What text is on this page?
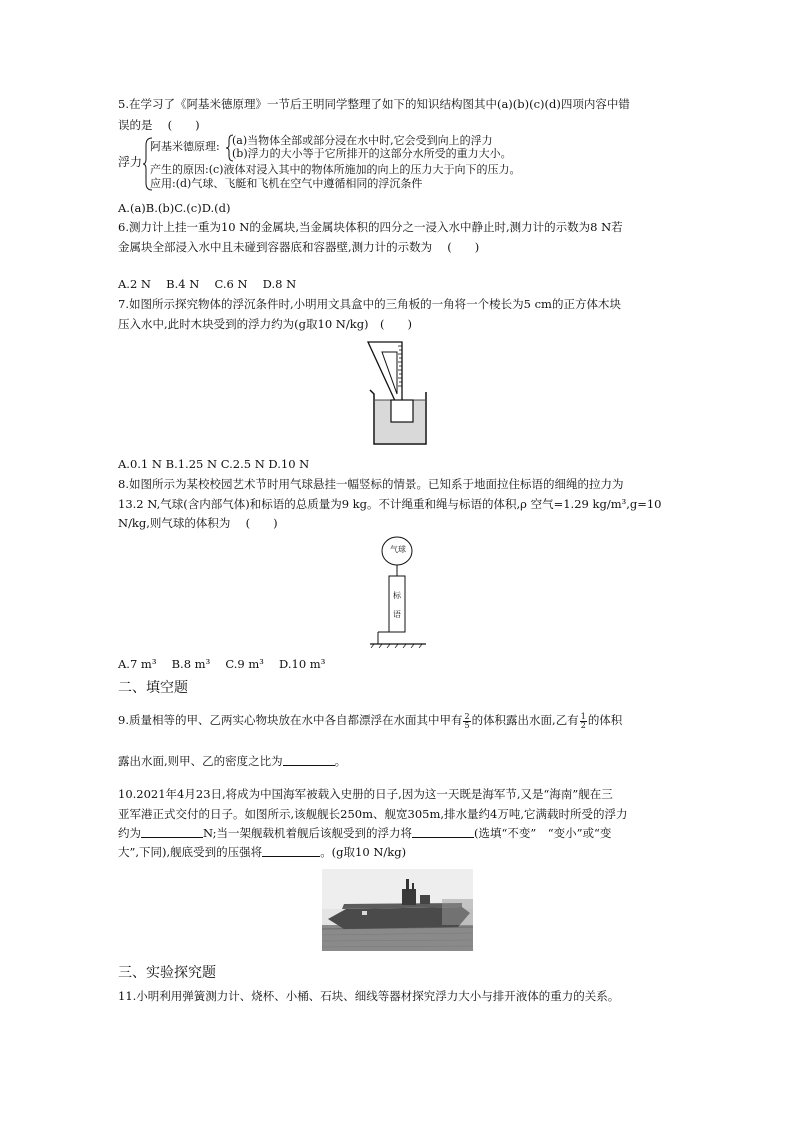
5.在学习了《阿基米德原理》一节后王明同学整理了如下的知识结构图其中(a)(b)(c)(d)四项内容中错
误的是　 (　　)
浮力
阿基米德原理: (a)当物体全部或部分浸在水中时,它会受到向上的浮力
(b)浮力的大小等于它所排开的这部分水所受的重力大小。
产生的原因:(c)液体对浸入其中的物体所施加的向上的压力大于向下的压力。
应用:(d)气球、飞艇和飞机在空气中遵循相同的浮沉条件
A.(a)B.(b)C.(c)D.(d)
6.测力计上挂一重为10 N的金属块,当金属块体积的四分之一浸入水中静止时,测力计的示数为8 N若
金属块全部浸入水中且未碰到容器底和容器壁,测力计的示数为　 (　　)
A.2 N　 B.4 N　 C.6 N　 D.8 N
7.如图所示探究物体的浮沉条件时,小明用文具盒中的三角板的一角将一个棱长为5 cm的正方体木块
压入水中,此时木块受到的浮力约为(g取10 N/kg)　(　　)
A.0.1 N B.1.25 N C.2.5 N D.10 N
8.如图所示为某校校园艺术节时用气球悬挂一幅竖标的情景。已知系于地面拉住标语的细绳的拉力为
13.2 N,气球(含内部气体)和标语的总质量为9 kg。不计绳重和绳与标语的体积,ρ 空气=1.29 kg/m³,g=10
N/kg,则气球的体积为　 (　　)
气球
标
语
A.7 m³　 B.8 m³　 C.9 m³　 D.10 m³
二、填空题
9.质量相等的甲、乙两实心物块放在水中各自都漂浮在水面其中甲有 $\frac{2}{5}$ 的体积露出水面,乙有 $\frac{1}{2}$ 的体积
露出水面,则甲、乙的密度之比为	。
10.2021年4月23日,将成为中国海军被载入史册的日子,因为这一天既是海军节,又是“海南”舰在三
亚军港正式交付的日子。如图所示,该舰舰长250m、舰宽305m,排水量约4万吨,它满载时所受的浮力
约为	N;当一架舰载机着舰后该舰受到的浮力将	(选填“不变”　“变小”或“变
大”,下同),舰底受到的压强将	。(g取10 N/kg)
三、实验探究题
11.小明利用弹簧测力计、烧杯、小桶、石块、细线等器材探究浮力大小与排开液体的重力的关系。
